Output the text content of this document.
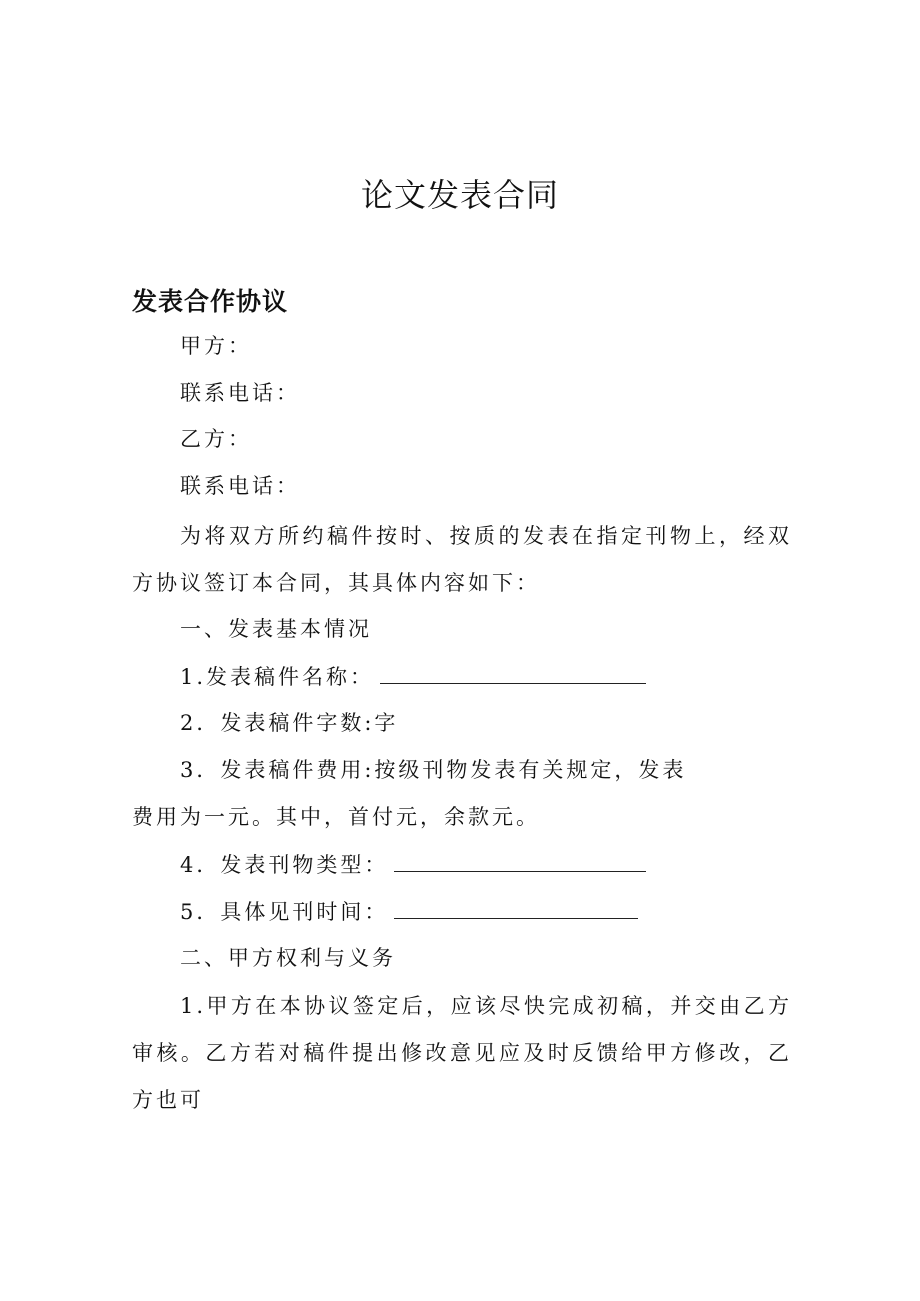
论文发表合同
发表合作协议
甲方：
联系电话：
乙方：
联系电话：
为将双方所约稿件按时、按质的发表在指定刊物上，经双方协议签订本合同，其具体内容如下：
一、发表基本情况
1.发表稿件名称：
2．发表稿件字数:字
3．发表稿件费用:按级刊物发表有关规定，发表
费用为一元。其中，首付元，余款元。
4．发表刊物类型：
5．具体见刊时间：
二、甲方权利与义务
1.甲方在本协议签定后，应该尽快完成初稿，并交由乙方审核。乙方若对稿件提出修改意见应及时反馈给甲方修改，乙方也可
